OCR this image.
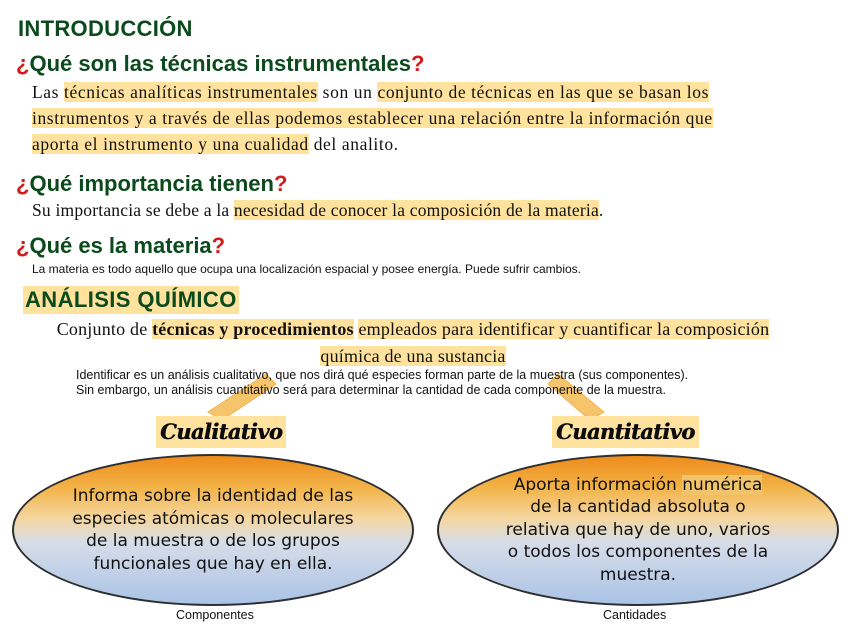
INTRODUCCIÓN
¿Qué son las técnicas instrumentales?

Las técnicas analíticas instrumentales son un conjunto de técnicas en las que se basan los instrumentos y a través de ellas podemos establecer una relación entre la información que aporta el instrumento y una cualidad del analito.

¿Qué importancia tienen?

Su importancia se debe a la necesidad de conocer la composición de la materia.

¿Qué es la materia?

La materia es todo aquello que ocupa una localización espacial y posee energía. Puede sufrir cambios.

ANÁLISIS QUÍMICO

Conjunto de técnicas y procedimientos empleados para identificar y cuantificar la composición química de una sustancia

Identificar es un análisis cualitativo, que nos dirá qué especies forman parte de la muestra (sus componentes).
Sin embargo, un análisis cuantitativo será para determinar la cantidad de cada componente de la muestra.
Cualitativo	Cuantitativo
Informa sobre la identidad de las especies atómicas o moleculares de la muestra o de los grupos funcionales que hay en ella.
Aporta información numérica de la cantidad absoluta o relativa que hay de uno, varios o todos los componentes de la muestra.
Componentes	Cantidades
